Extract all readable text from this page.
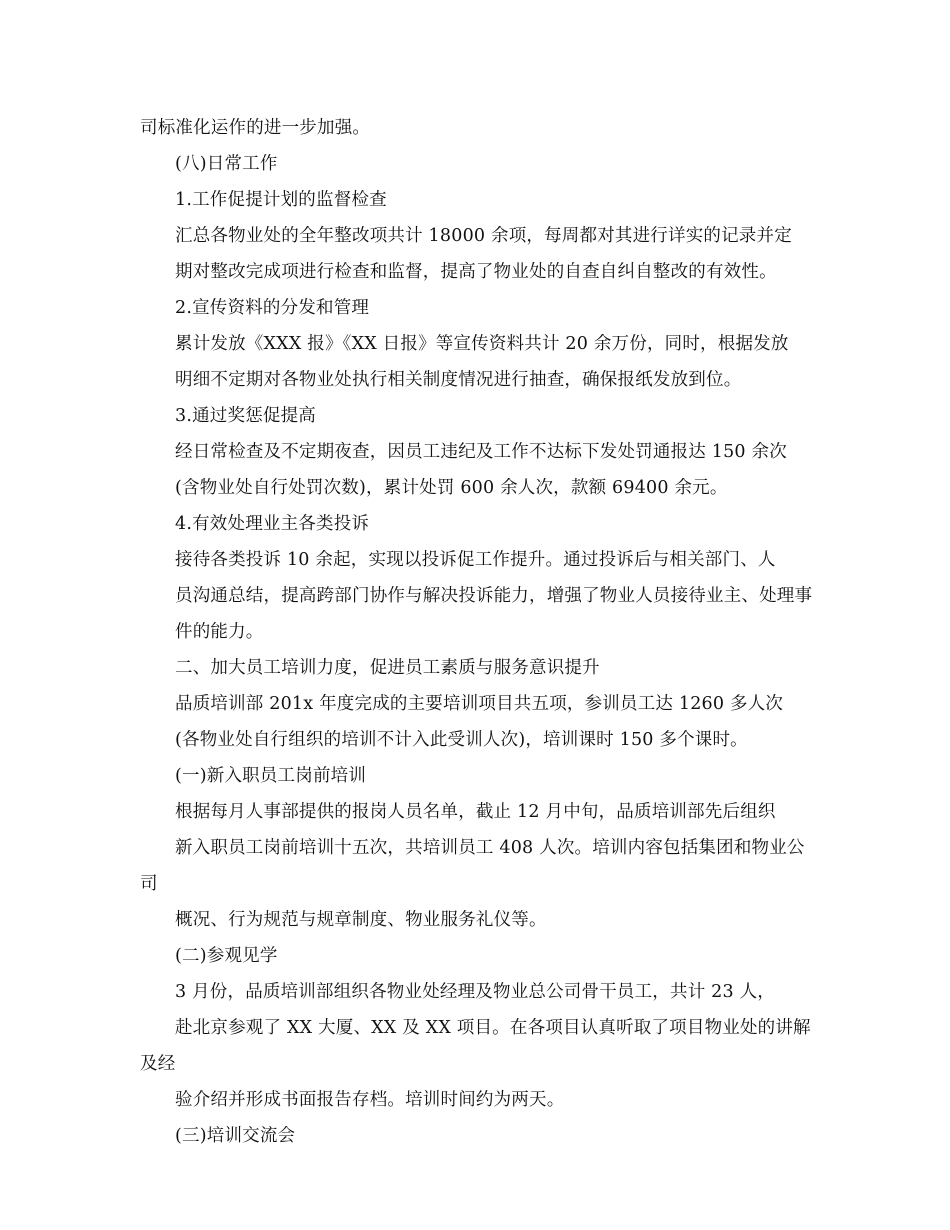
司标准化运作的进一步加强。

(八)日常工作

1.工作促提计划的监督检查

汇总各物业处的全年整改项共计 18000 余项，每周都对其进行详实的记录并定
期对整改完成项进行检查和监督，提高了物业处的自查自纠自整改的有效性。

2.宣传资料的分发和管理

累计发放《XXX 报》《XX 日报》等宣传资料共计 20 余万份，同时，根据发放
明细不定期对各物业处执行相关制度情况进行抽查，确保报纸发放到位。

3.通过奖惩促提高

经日常检查及不定期夜查，因员工违纪及工作不达标下发处罚通报达 150 余次
(含物业处自行处罚次数)，累计处罚 600 余人次，款额 69400 余元。

4.有效处理业主各类投诉

接待各类投诉 10 余起，实现以投诉促工作提升。通过投诉后与相关部门、人
员沟通总结，提高跨部门协作与解决投诉能力，增强了物业人员接待业主、处理事
件的能力。

二、加大员工培训力度，促进员工素质与服务意识提升

品质培训部 201x 年度完成的主要培训项目共五项，参训员工达 1260 多人次
(各物业处自行组织的培训不计入此受训人次)，培训课时 150 多个课时。

(一)新入职员工岗前培训

根据每月人事部提供的报岗人员名单，截止 12 月中旬，品质培训部先后组织
新入职员工岗前培训十五次，共培训员工 408 人次。培训内容包括集团和物业公司
概况、行为规范与规章制度、物业服务礼仪等。

(二)参观见学

3 月份，品质培训部组织各物业处经理及物业总公司骨干员工，共计 23 人，
赴北京参观了 XX 大厦、XX 及 XX 项目。在各项目认真听取了项目物业处的讲解及经
验介绍并形成书面报告存档。培训时间约为两天。

(三)培训交流会
